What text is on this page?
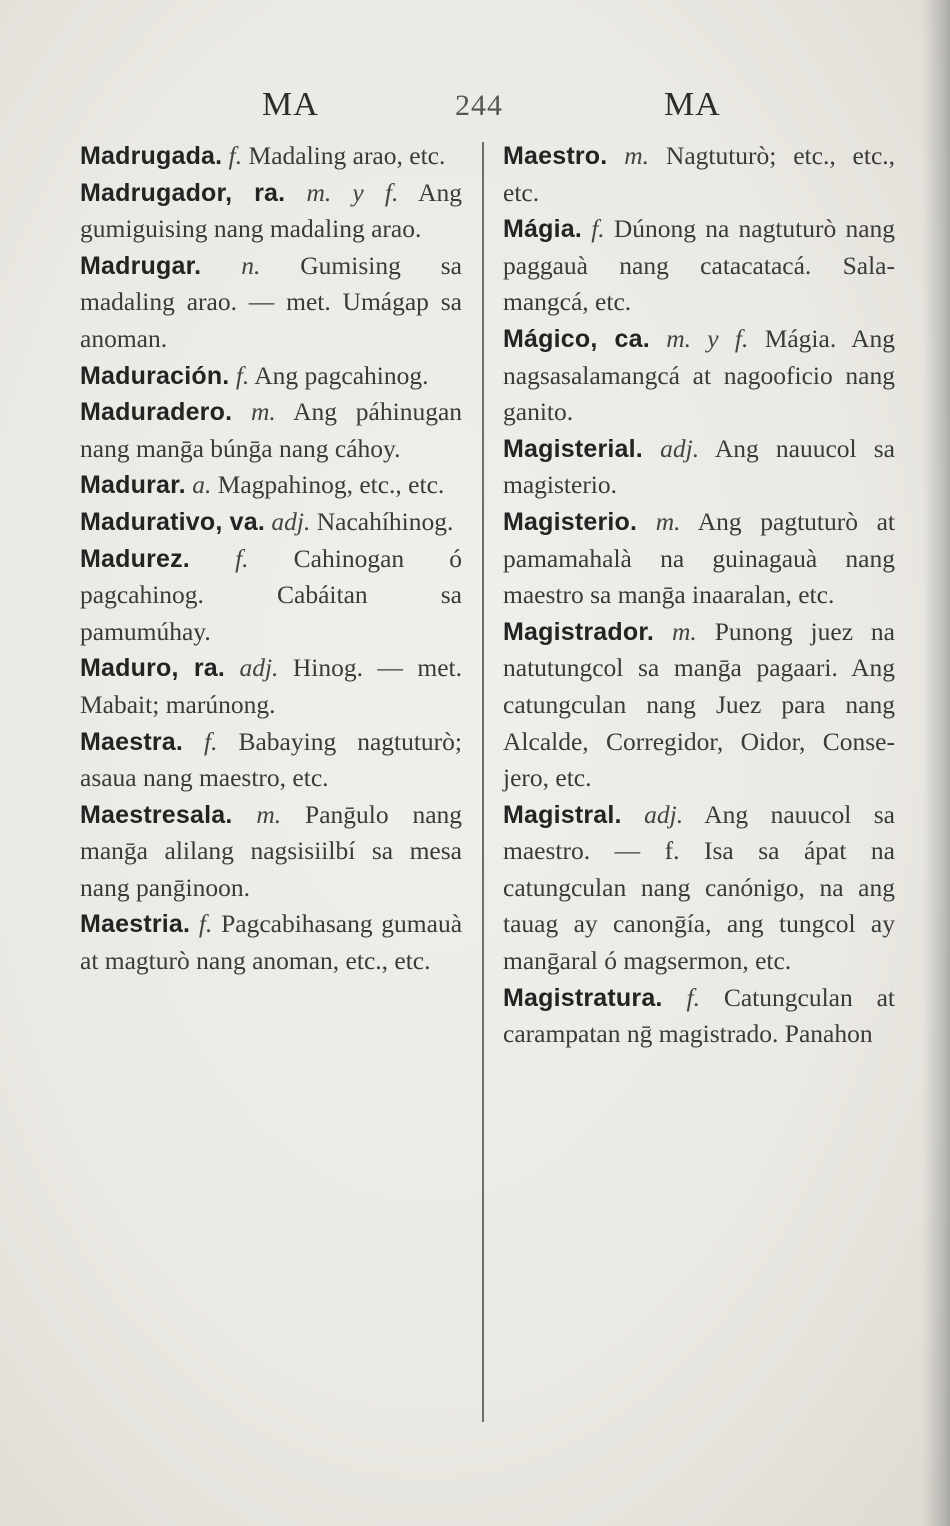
MA	244	MA
Madrugada. f. Madaling arao, etc.
Madrugador, ra. m. y f. Ang gumiguising nang madaling arao.
Madrugar. n. Gumising sa madaling arao. — met. Umágap sa anoman.
Maduración. f. Ang pagcahinog.
Maduradero. m. Ang páhinugan nang manḡa búnḡa nang cáhoy.
Madurar. a. Magpahinog, etc., etc.
Madurativo, va. adj. Nacahíhinog.
Madurez. f. Cahinogan ó pagcahinog. Cabáitan sa pamumúhay.
Maduro, ra. adj. Hinog. — met. Mabait; marúnong.
Maestra. f. Babaying nagtuturò; asaua nang maestro, etc.
Maestresala. m. Panḡulo nang manḡa alilang nagsisiilbí sa mesa nang panḡinoon.
Maestria. f. Pagcabihasang gumauà at magturò nang anoman, etc., etc.
Maestro. m. Nagtuturò; etc., etc., etc.
Mágia. f. Dúnong na nagtuturò nang paggauà nang catacatacá. Salamangcá, etc.
Mágico, ca. m. y f. Mágia. Ang nagsasalamangcá at nagooficio nang ganito.
Magisterial. adj. Ang nauucol sa magisterio.
Magisterio. m. Ang pagtuturò at pamamahalà na guinagauà nang maestro sa manḡa inaaralan, etc.
Magistrador. m. Punong juez na natutungcol sa manḡa pagaari. Ang catungculan nang Juez para nang Alcalde, Corregidor, Oidor, Consejero, etc.
Magistral. adj. Ang nauucol sa maestro. — f. Isa sa ápat na catungculan nang canónigo, na ang tauag ay canonḡía, ang tungcol ay manḡaral ó magsermon, etc.
Magistratura. f. Catungculan at carampatan nḡ magistrado. Panahon
